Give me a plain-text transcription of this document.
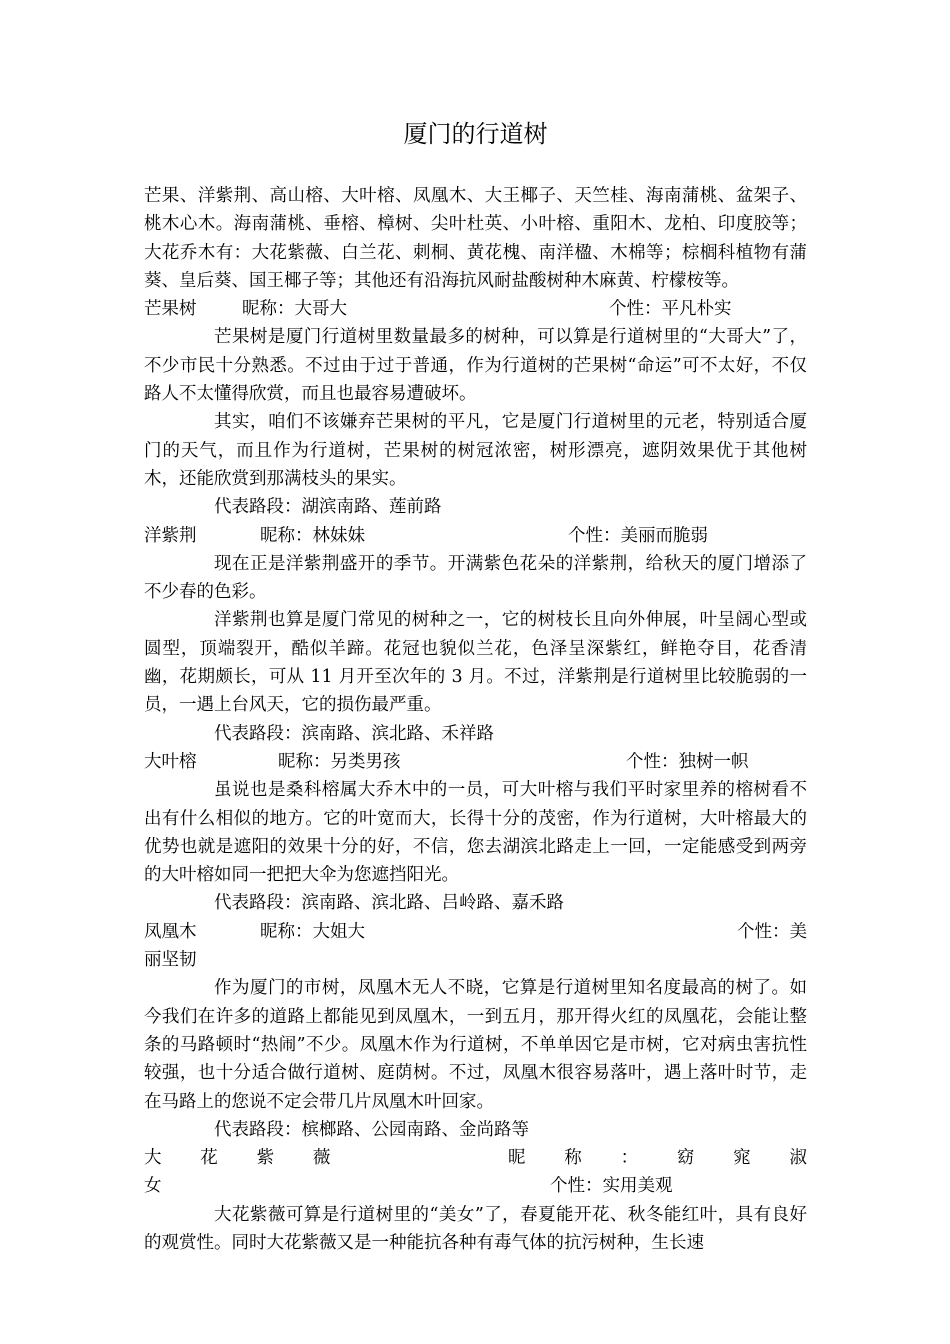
厦门的行道树

芒果、洋紫荆、高山榕、大叶榕、凤凰木、大王椰子、天竺桂、海南蒲桃、盆架子、桃木心木。海南蒲桃、垂榕、樟树、尖叶杜英、小叶榕、重阳木、龙柏、印度胶等；大花乔木有：大花紫薇、白兰花、刺桐、黄花槐、南洋楹、木棉等；棕榈科植物有蒲葵、皇后葵、国王椰子等；其他还有沿海抗风耐盐酸树种木麻黄、柠檬桉等。

芒果树	昵称：大哥大	个性：平凡朴实

芒果树是厦门行道树里数量最多的树种，可以算是行道树里的“大哥大”了，不少市民十分熟悉。不过由于过于普通，作为行道树的芒果树“命运”可不太好，不仅路人不太懂得欣赏，而且也最容易遭破坏。

其实，咱们不该嫌弃芒果树的平凡，它是厦门行道树里的元老，特别适合厦门的天气，而且作为行道树，芒果树的树冠浓密，树形漂亮，遮阴效果优于其他树木，还能欣赏到那满枝头的果实。

代表路段：湖滨南路、莲前路

洋紫荆	昵称：林妹妹	个性：美丽而脆弱

现在正是洋紫荆盛开的季节。开满紫色花朵的洋紫荆，给秋天的厦门增添了不少春的色彩。

洋紫荆也算是厦门常见的树种之一，它的树枝长且向外伸展，叶呈阔心型或圆型，顶端裂开，酷似羊蹄。花冠也貌似兰花，色泽呈深紫红，鲜艳夺目，花香清幽，花期颇长，可从 11 月开至次年的 3 月。不过，洋紫荆是行道树里比较脆弱的一员，一遇上台风天，它的损伤最严重。

代表路段：滨南路、滨北路、禾祥路

大叶榕	昵称：另类男孩	个性：独树一帜

虽说也是桑科榕属大乔木中的一员，可大叶榕与我们平时家里养的榕树看不出有什么相似的地方。它的叶宽而大，长得十分的茂密，作为行道树，大叶榕最大的优势也就是遮阳的效果十分的好，不信，您去湖滨北路走上一回，一定能感受到两旁的大叶榕如同一把把大伞为您遮挡阳光。

代表路段：滨南路、滨北路、吕岭路、嘉禾路

凤凰木	昵称：大姐大	个性：美
丽坚韧

作为厦门的市树，凤凰木无人不晓，它算是行道树里知名度最高的树了。如今我们在许多的道路上都能见到凤凰木，一到五月，那开得火红的凤凰花，会能让整条的马路顿时“热闹”不少。凤凰木作为行道树，不单单因它是市树，它对病虫害抗性较强，也十分适合做行道树、庭荫树。不过，凤凰木很容易落叶，遇上落叶时节，走在马路上的您说不定会带几片凤凰木叶回家。

代表路段：槟榔路、公园南路、金尚路等

大 花 紫 薇	昵 称 ： 窈 窕 淑
女	个性：实用美观

大花紫薇可算是行道树里的“美女”了，春夏能开花、秋冬能红叶，具有良好的观赏性。同时大花紫薇又是一种能抗各种有毒气体的抗污树种，生长速
